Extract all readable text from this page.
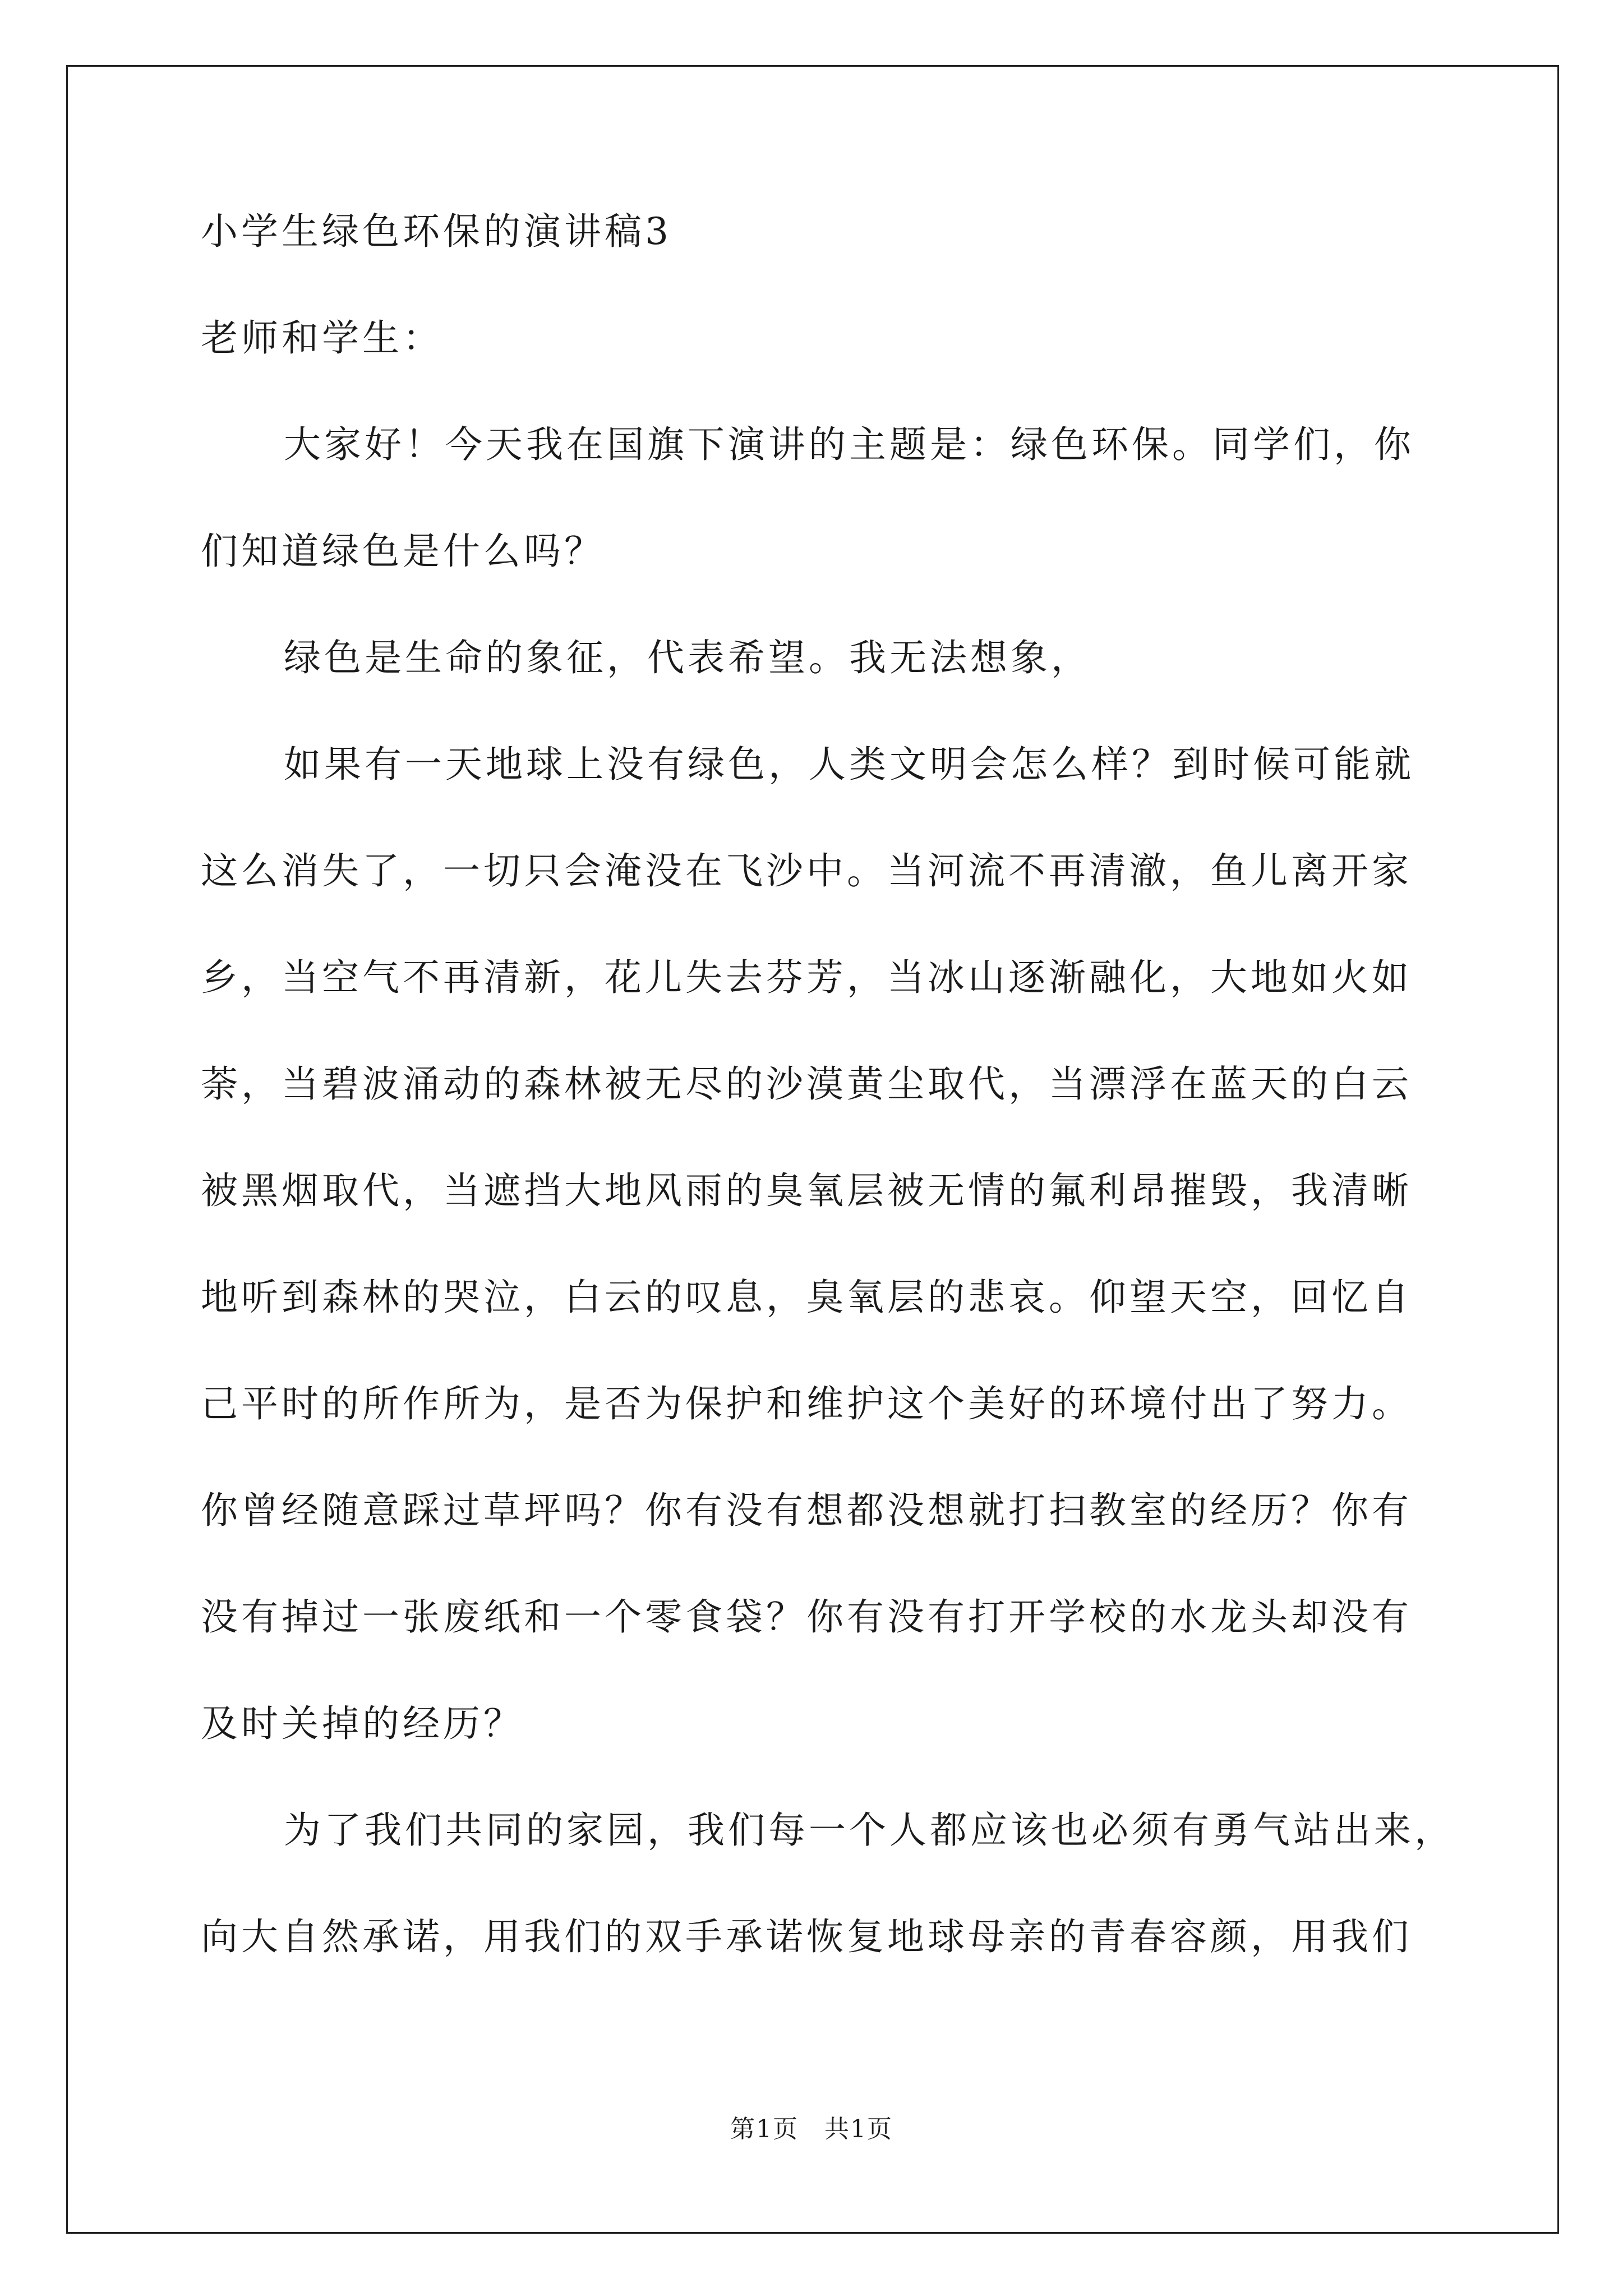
小学生绿色环保的演讲稿3

老师和学生：

大家好！今天我在国旗下演讲的主题是：绿色环保。同学们，你

们知道绿色是什么吗？

绿色是生命的象征，代表希望。我无法想象，

如果有一天地球上没有绿色，人类文明会怎么样？到时候可能就

这么消失了，一切只会淹没在飞沙中。当河流不再清澈，鱼儿离开家

乡，当空气不再清新，花儿失去芬芳，当冰山逐渐融化，大地如火如

荼，当碧波涌动的森林被无尽的沙漠黄尘取代，当漂浮在蓝天的白云

被黑烟取代，当遮挡大地风雨的臭氧层被无情的氟利昂摧毁，我清晰

地听到森林的哭泣，白云的叹息，臭氧层的悲哀。仰望天空，回忆自

己平时的所作所为，是否为保护和维护这个美好的环境付出了努力。

你曾经随意踩过草坪吗？你有没有想都没想就打扫教室的经历？你有

没有掉过一张废纸和一个零食袋？你有没有打开学校的水龙头却没有

及时关掉的经历？

为了我们共同的家园，我们每一个人都应该也必须有勇气站出来，

向大自然承诺，用我们的双手承诺恢复地球母亲的青春容颜，用我们

第1页　共1页
